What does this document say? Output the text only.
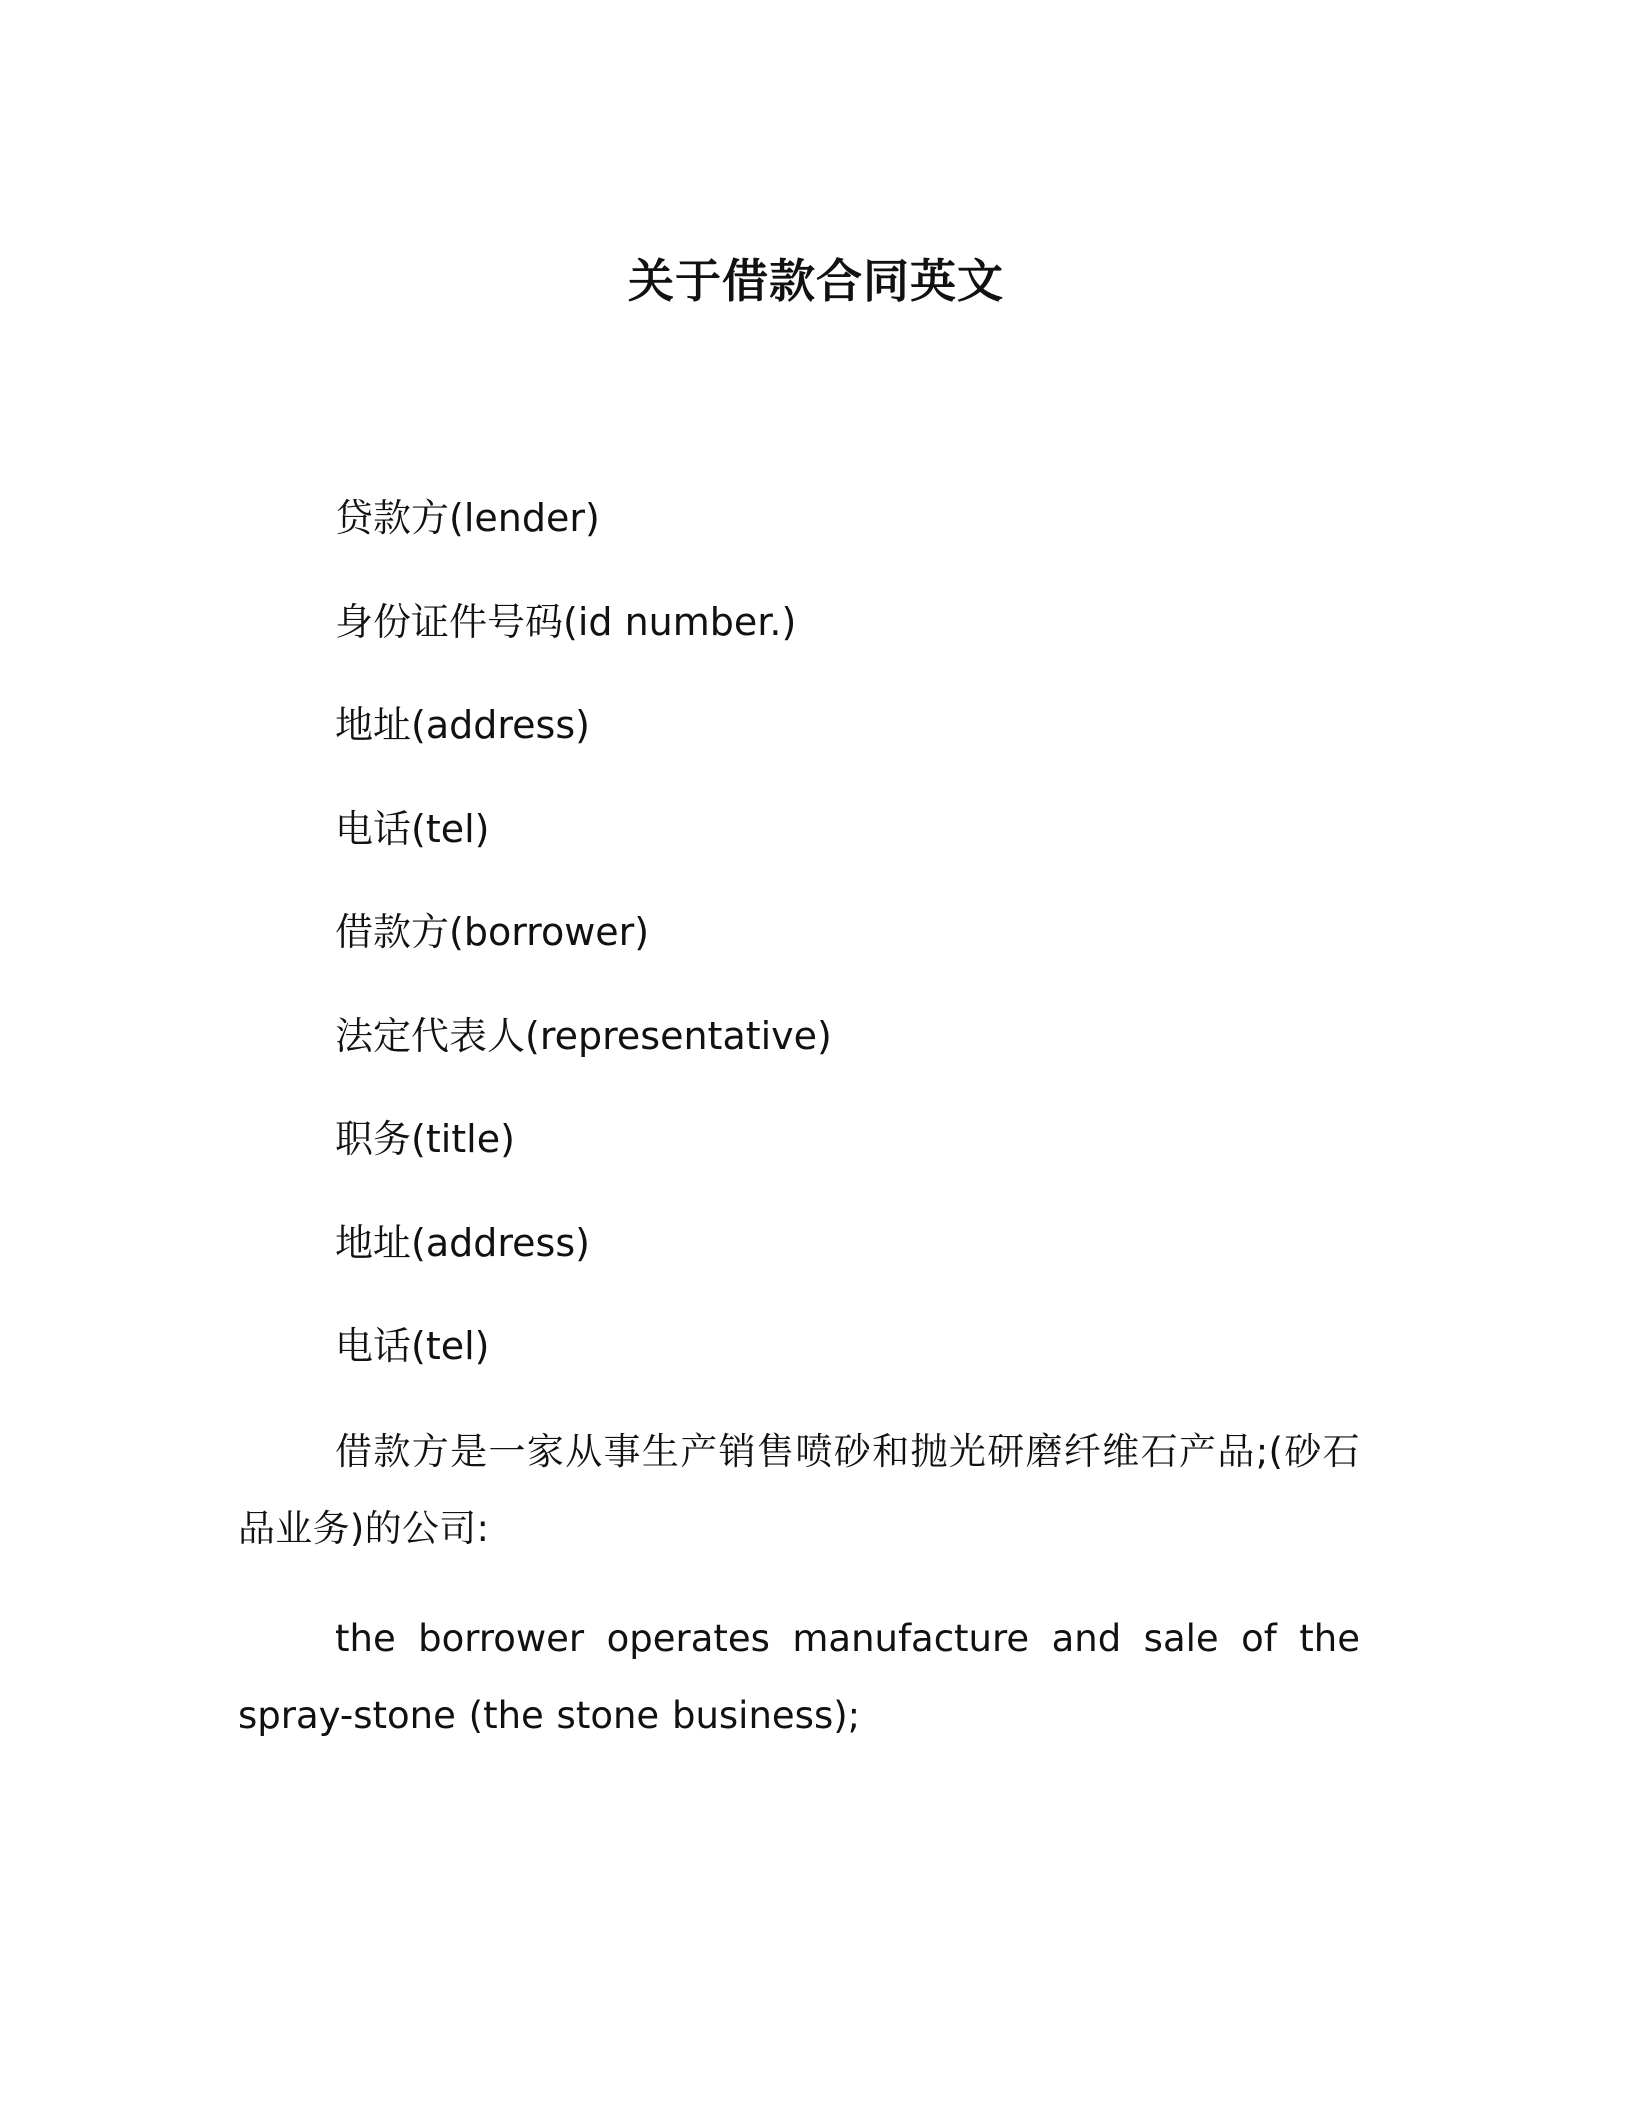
关于借款合同英文
贷款方(lender)
身份证件号码(id number.)
地址(address)
电话(tel)
借款方(borrower)
法定代表人(representative)
职务(title)
地址(address)
电话(tel)

借款方是一家从事生产销售喷砂和抛光研磨纤维石产品;(砂石品业务)的公司:

the borrower operates manufacture and sale of the spray-stone (the stone business);
